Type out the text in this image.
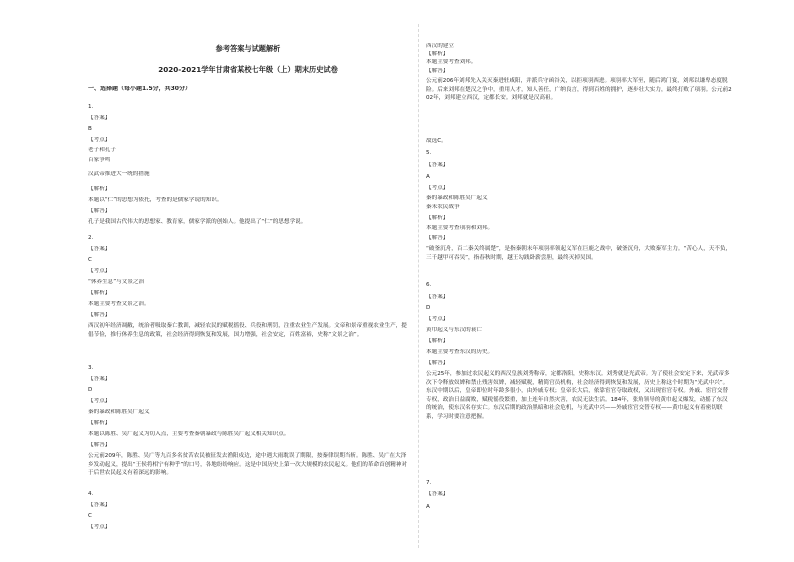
参考答案与试题解析
2020-2021学年甘肃省某校七年级（上）期末历史试卷
一、选择题（每小题1.5分，共30分）
1.
【答案】
B
【考点】
老子和孔子
百家争鸣
汉武帝推进大一统的措施
【解析】
本题以“仁”的思想为依托，考查的是儒家学说的知识。
【解答】
孔子是我国古代伟大的思想家、教育家，儒家学派的创始人。他提出了“仁”的思想学说。
2.
【答案】
C
【考点】
“休养生息”与文景之治
【解析】
本题主要考查文景之治。
【解答】
西汉初年经济凋敝，统治者吸取秦亡教训，减轻农民的赋税徭役、兵役和刑罚，注重农业生产发展。文帝和景帝重视农业生产，提倡节俭，推行休养生息的政策，社会经济得到恢复和发展，国力增强，社会安定，百姓富裕，史称“文景之治”。
3.
【答案】
D
【考点】
秦的暴政和陈胜吴广起义
【解析】
本题以陈胜、吴广起义为切入点，主要考查秦朝暴政与陈胜吴广起义相关知识点。
【解答】
公元前209年，陈胜、吴广等九百多名贫苦农民被征发去渔阳戍边，途中遇大雨耽误了期限，按秦律误期当斩。陈胜、吴广在大泽乡发动起义，提出“王侯将相宁有种乎”的口号，各地纷纷响应。这是中国历史上第一次大规模的农民起义。他们的革命首创精神对于后世农民起义有着深远的影响。
4.
【答案】
C
【考点】
西汉的建立
【解析】
本题主要考查刘邦。
【解答】
公元前206年刘邦先入关灭秦进驻咸阳，并派兵守函谷关，以拒项羽西进。项羽率大军至，随后鸿门宴，刘邦以谦卑态度脱险。后来刘邦在楚汉之争中，重用人才，知人善任，广纳良言，得到百姓的拥护，逐步壮大实力，最终打败了项羽。公元前202年，刘邦建立西汉，定都长安。刘邦就是汉高祖。
故选C。
5.
【答案】
A
【考点】
秦的暴政和陈胜吴广起义
秦末农民战争
【解析】
本题主要考查项羽和刘邦。
【解答】
“破釜沉舟，百二秦关终属楚”，是指秦朝末年项羽率领起义军在巨鹿之战中，破釜沉舟，大败秦军主力。“苦心人，天不负，三千越甲可吞吴”，指春秋时期，越王勾践卧薪尝胆，最终灭掉吴国。
6.
【答案】
D
【考点】
黄巾起义与东汉的衰亡
【解析】
本题主要考查东汉的历史。
【解答】
公元25年，参加过农民起义的西汉皇族刘秀称帝，定都洛阳，史称东汉。刘秀就是光武帝。为了使社会安定下来，光武帝多次下令释放奴婢和禁止残害奴婢，减轻赋税，精简官员机构，社会经济得到恢复和发展，历史上称这个时期为“光武中兴”。东汉中期以后，皇帝即位时年龄多很小，由外戚专权；皇帝长大后，依靠宦官夺取政权，又出现宦官专权。外戚、宦官交替专权，政治日益腐败，赋税徭役繁重，加上连年自然灾害，农民无法生活。184年，张角领导的黄巾起义爆发，动摇了东汉的统治，使东汉名存实亡。东汉后期的政治黑暗和社会危机，与光武中兴——外戚宦官交替专权——黄巾起义有着密切联系，学习时要注意把握。
7.
【答案】
A
